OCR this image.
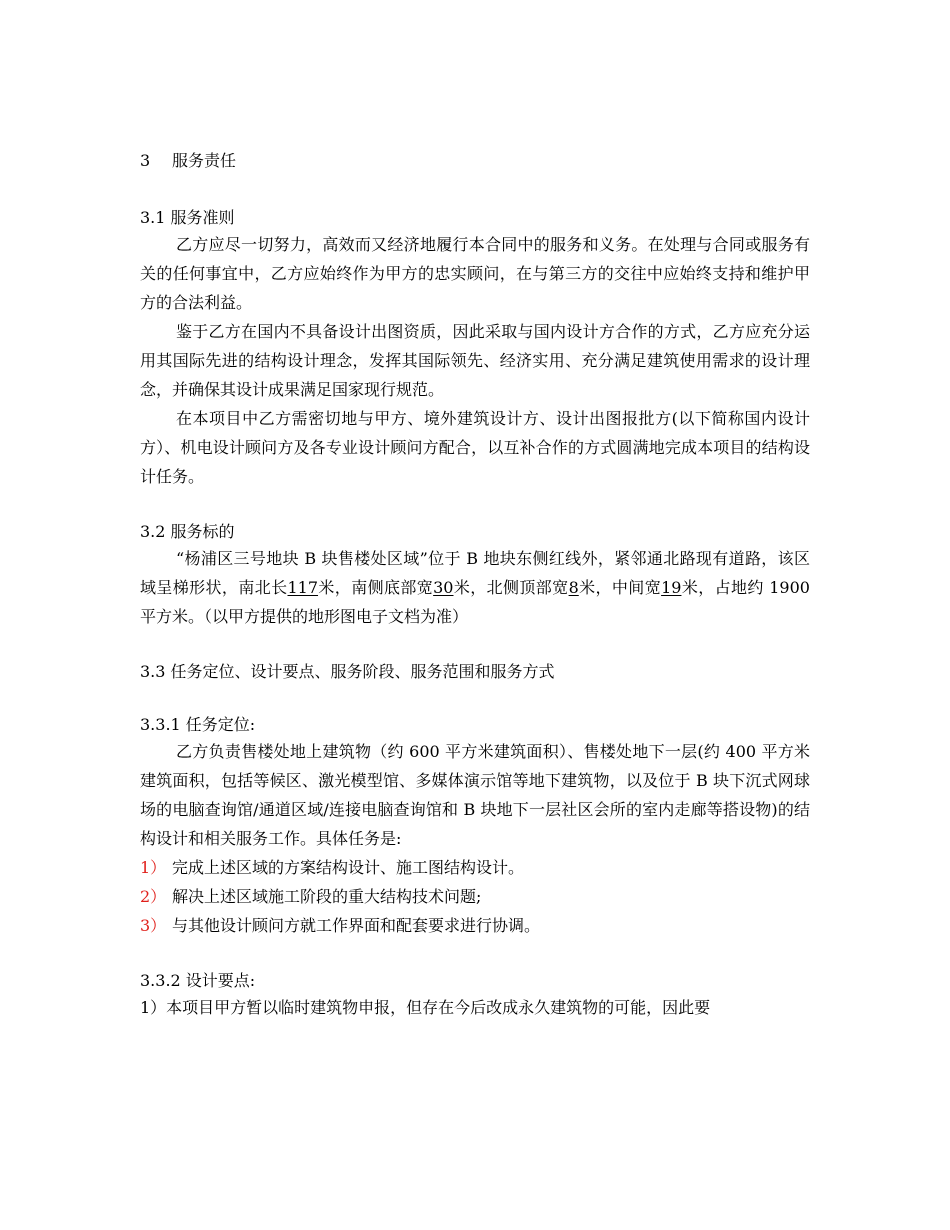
3 服务责任
3.1 服务准则
乙方应尽一切努力，高效而又经济地履行本合同中的服务和义务。在处理与合同或服务有关的任何事宜中，乙方应始终作为甲方的忠实顾问，在与第三方的交往中应始终支持和维护甲方的合法利益。
鉴于乙方在国内不具备设计出图资质，因此采取与国内设计方合作的方式，乙方应充分运用其国际先进的结构设计理念，发挥其国际领先、经济实用、充分满足建筑使用需求的设计理念，并确保其设计成果满足国家现行规范。
在本项目中乙方需密切地与甲方、境外建筑设计方、设计出图报批方(以下简称国内设计方）、机电设计顾问方及各专业设计顾问方配合，以互补合作的方式圆满地完成本项目的结构设计任务。
3.2 服务标的
“杨浦区三号地块 B 块售楼处区域”位于 B 地块东侧红线外，紧邻通北路现有道路，该区域呈梯形状，南北长117米，南侧底部宽30米，北侧顶部宽8米，中间宽19米，占地约 1900 平方米。（以甲方提供的地形图电子文档为准）
3.3 任务定位、设计要点、服务阶段、服务范围和服务方式
3.3.1 任务定位:
乙方负责售楼处地上建筑物（约 600 平方米建筑面积）、售楼处地下一层(约 400 平方米建筑面积，包括等候区、激光模型馆、多媒体演示馆等地下建筑物，以及位于 B 块下沉式网球场的电脑查询馆/通道区域/连接电脑查询馆和 B 块地下一层社区会所的室内走廊等搭设物)的结构设计和相关服务工作。具体任务是:
1） 完成上述区域的方案结构设计、施工图结构设计。
2） 解决上述区域施工阶段的重大结构技术问题;
3） 与其他设计顾问方就工作界面和配套要求进行协调。
3.3.2 设计要点:
1）本项目甲方暂以临时建筑物申报，但存在今后改成永久建筑物的可能，因此要
